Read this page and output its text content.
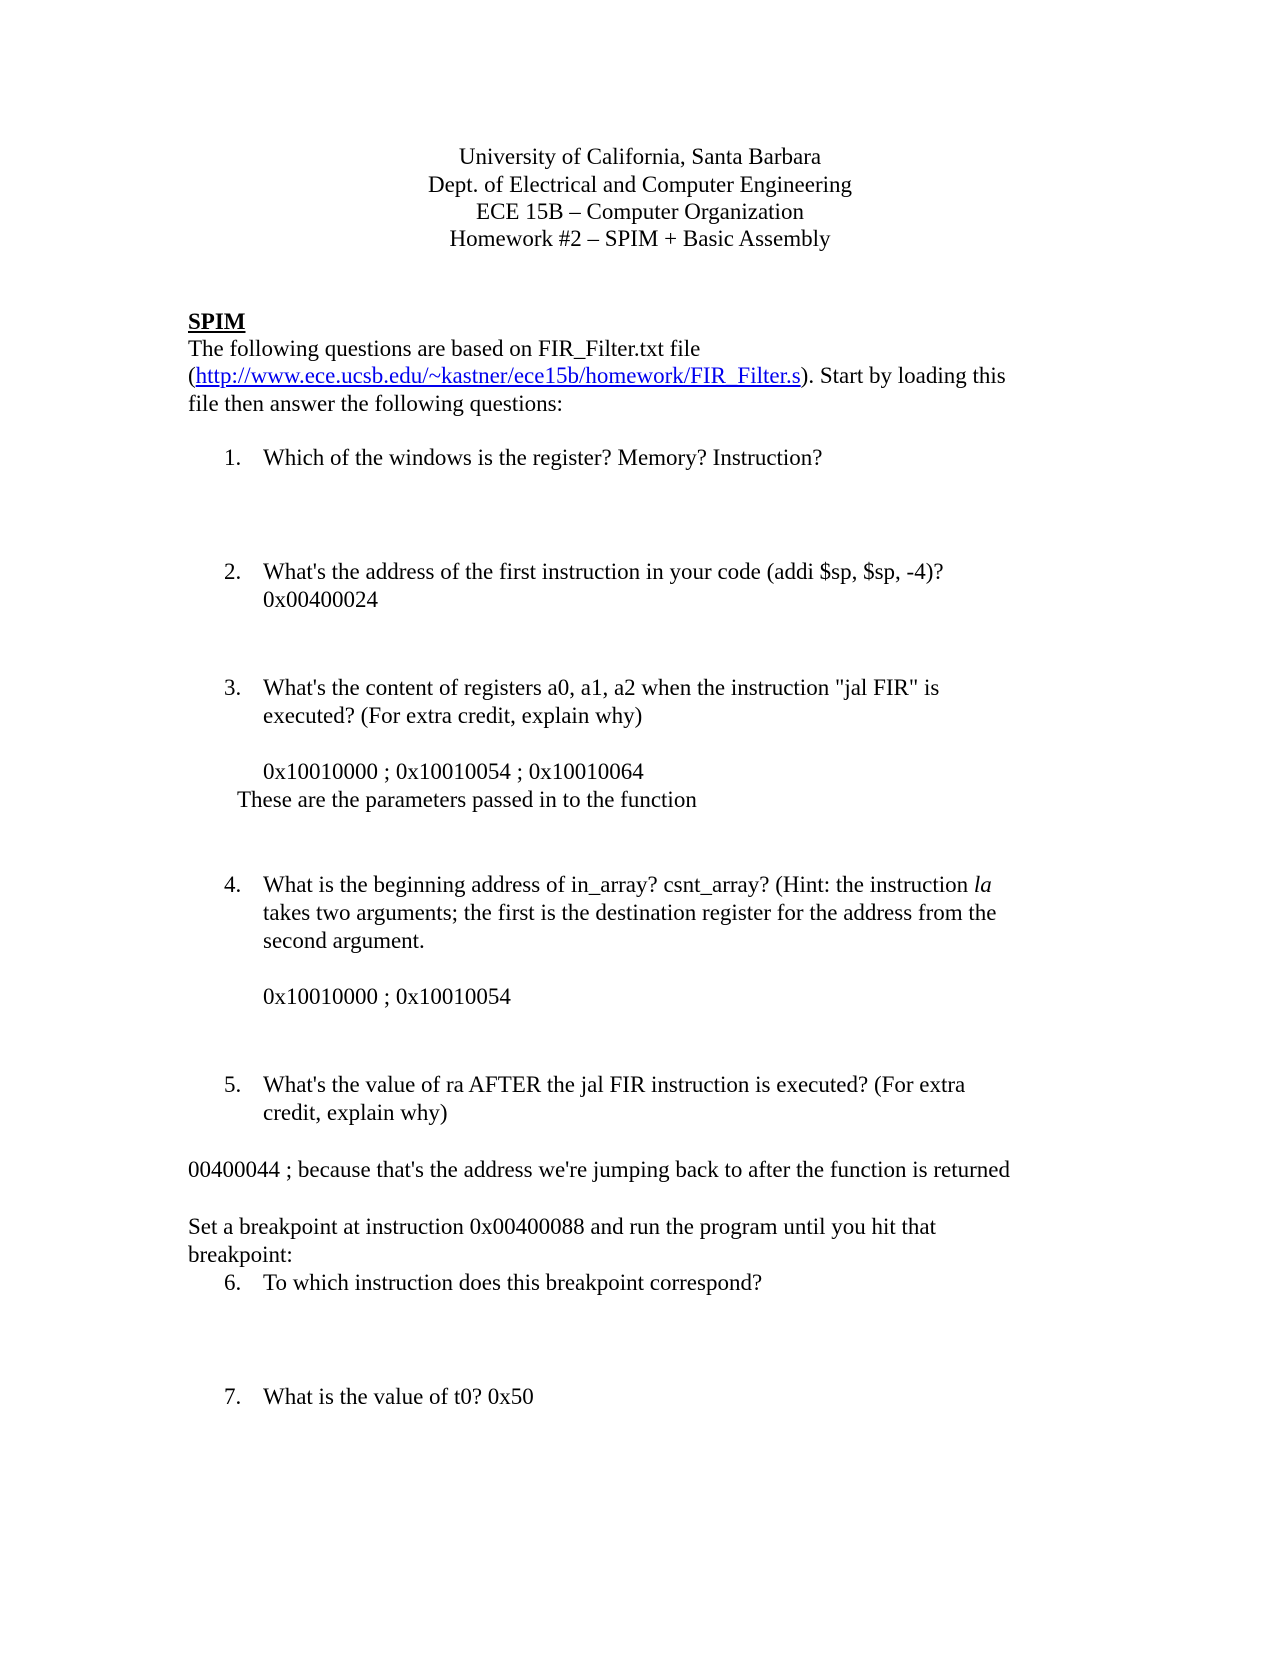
University of California, Santa Barbara
Dept. of Electrical and Computer Engineering
ECE 15B – Computer Organization
Homework #2 – SPIM + Basic Assembly
SPIM
The following questions are based on FIR_Filter.txt file
(http://www.ece.ucsb.edu/~kastner/ece15b/homework/FIR_Filter.s). Start by loading this
file then answer the following questions:
1. Which of the windows is the register? Memory? Instruction?
2. What's the address of the first instruction in your code (addi $sp, $sp, -4)?
0x00400024
3. What's the content of registers a0, a1, a2 when the instruction "jal FIR" is
executed? (For extra credit, explain why)
0x10010000 ; 0x10010054 ; 0x10010064
These are the parameters passed in to the function
4. What is the beginning address of in_array? csnt_array? (Hint: the instruction la
takes two arguments; the first is the destination register for the address from the
second argument.
0x10010000 ; 0x10010054
5. What's the value of ra AFTER the jal FIR instruction is executed? (For extra
credit, explain why)
00400044 ; because that's the address we're jumping back to after the function is returned
Set a breakpoint at instruction 0x00400088 and run the program until you hit that
breakpoint:
6. To which instruction does this breakpoint correspond?
7. What is the value of t0? 0x50
